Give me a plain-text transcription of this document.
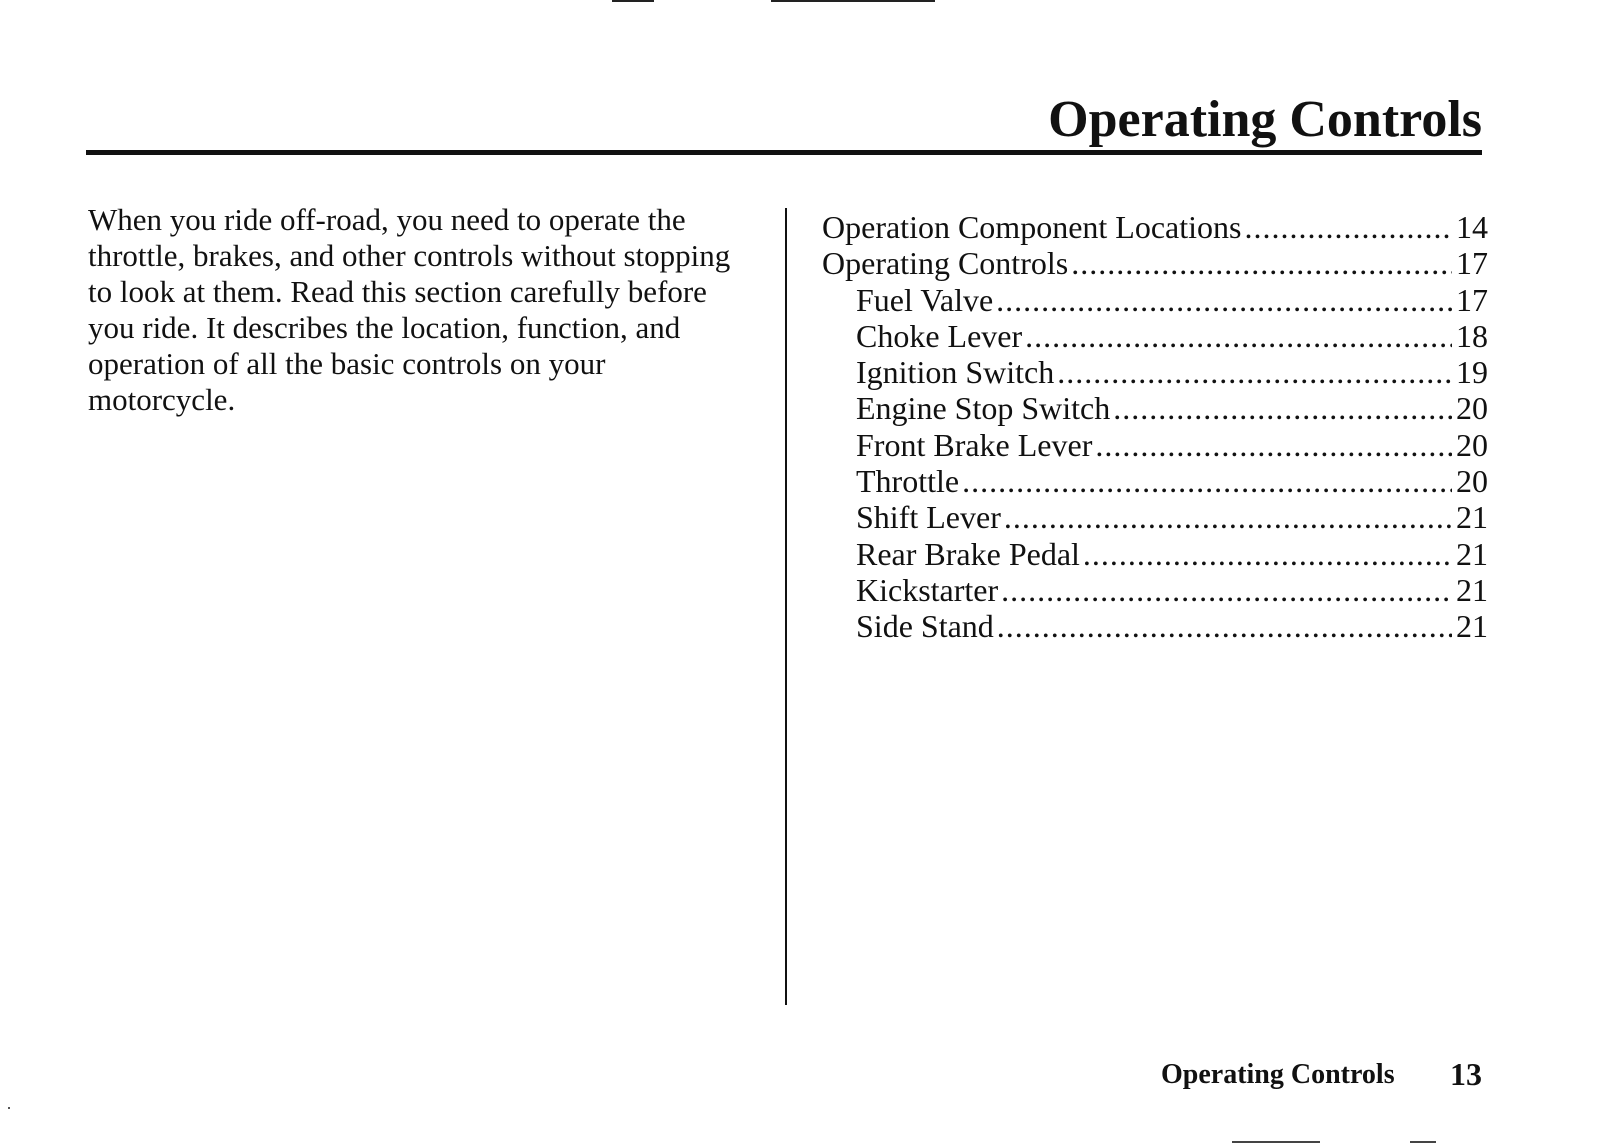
Operating Controls

When you ride off-road, you need to operate the throttle, brakes, and other controls without stopping to look at them. Read this section carefully before you ride. It describes the location, function, and operation of all the basic controls on your motorcycle.

Operation Component Locations .....	14
Operating Controls .....	17
Fuel Valve .....	17
Choke Lever .....	18
Ignition Switch .....	19
Engine Stop Switch .....	20
Front Brake Lever .....	20
Throttle .....	20
Shift Lever .....	21
Rear Brake Pedal .....	21
Kickstarter .....	21
Side Stand .....	21
Operating Controls 13
